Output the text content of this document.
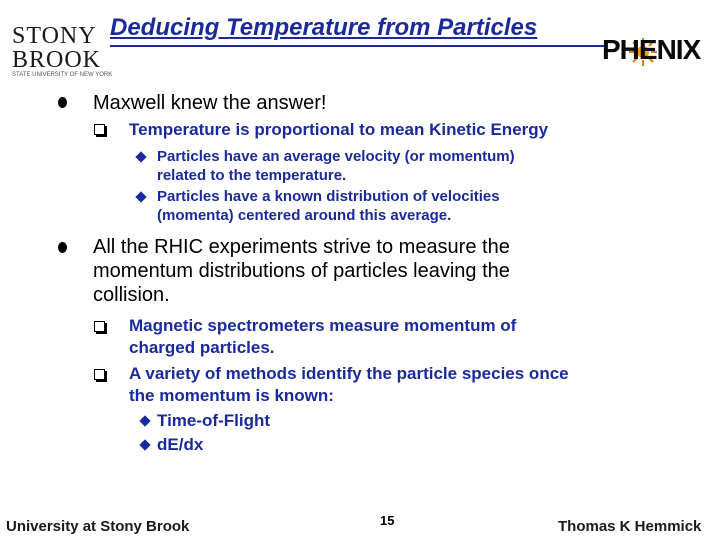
STONY
BROOK
STATE UNIVERSITY OF NEW YORK
Deducing Temperature from Particles
PHENIX
Maxwell knew the answer!
Temperature is proportional to mean Kinetic Energy
Particles have an average velocity (or momentum)
related to the temperature.
Particles have a known distribution of velocities
(momenta) centered around this average.
All the RHIC experiments strive to measure the
momentum distributions of particles leaving the
collision.
Magnetic spectrometers measure momentum of
charged particles.
A variety of methods identify the particle species once
the momentum is known:
Time-of-Flight
dE/dx
University at Stony Brook	15	Thomas K Hemmick
